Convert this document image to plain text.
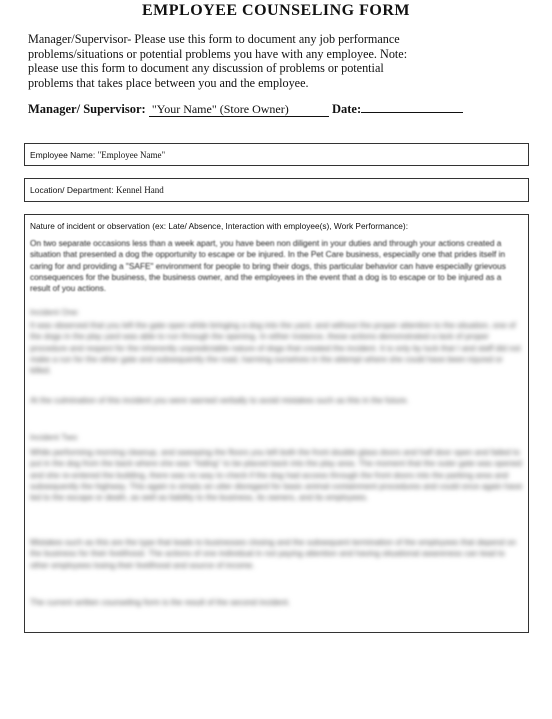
EMPLOYEE COUNSELING FORM
Manager/Supervisor- Please use this form to document any job performance problems/situations or potential problems you have with any employee. Note: please use this form to document any discussion of problems or potential problems that takes place between you and the employee.
Manager/ Supervisor: "Your Name" (Store Owner)	Date:
Employee Name: "Employee Name"
Location/ Department: Kennel Hand
Nature of incident or observation (ex: Late/ Absence, Interaction with employee(s), Work Performance):
On two separate occasions less than a week apart, you have been non diligent in your duties and through your actions created a situation that presented a dog the opportunity to escape or be injured. In the Pet Care business, especially one that prides itself in caring for and providing a "SAFE" environment for people to bring their dogs, this particular behavior can have especially grievous consequences for the business, the business owner, and the employees in the event that a dog is to escape or to be injured as a result of you actions.
Incident One:
It was observed that you left the gate open while bringing a dog into the yard, and without the proper attention to the situation, one of the dogs in the play yard was able to run through the opening. In either instance, these actions demonstrated a lack of proper procedure and respect for the inherently unpredictable nature of dogs that created the incident. It is only by luck that I and staff did not make a run for the other gate and subsequently the road, harming ourselves in the attempt where she could have been injured or killed.
At the culmination of this incident you were warned verbally to avoid mistakes such as this in the future.
Incident Two:
While performing morning cleanup, and sweeping the floors you left both the front double glass doors and half door open and failed to put in the dog from the back where she was "hiding" to be placed back into the play area. The moment that the outer gate was opened and she re-entered the building, there was no way to check if the dog had access through the front doors into the parking area and subsequently the highway. This again is simply an utter disregard for basic animal containment procedures and could once again have led to the escape or death, as well as liability to the business, its owners, and its employees.
Mistakes such as this are the type that leads to businesses closing and the subsequent termination of the employees that depend on the business for their livelihood. The actions of one individual in not paying attention and having situational awareness can lead to other employees losing their livelihood and source of income.
The current written counseling form is the result of the second incident.
